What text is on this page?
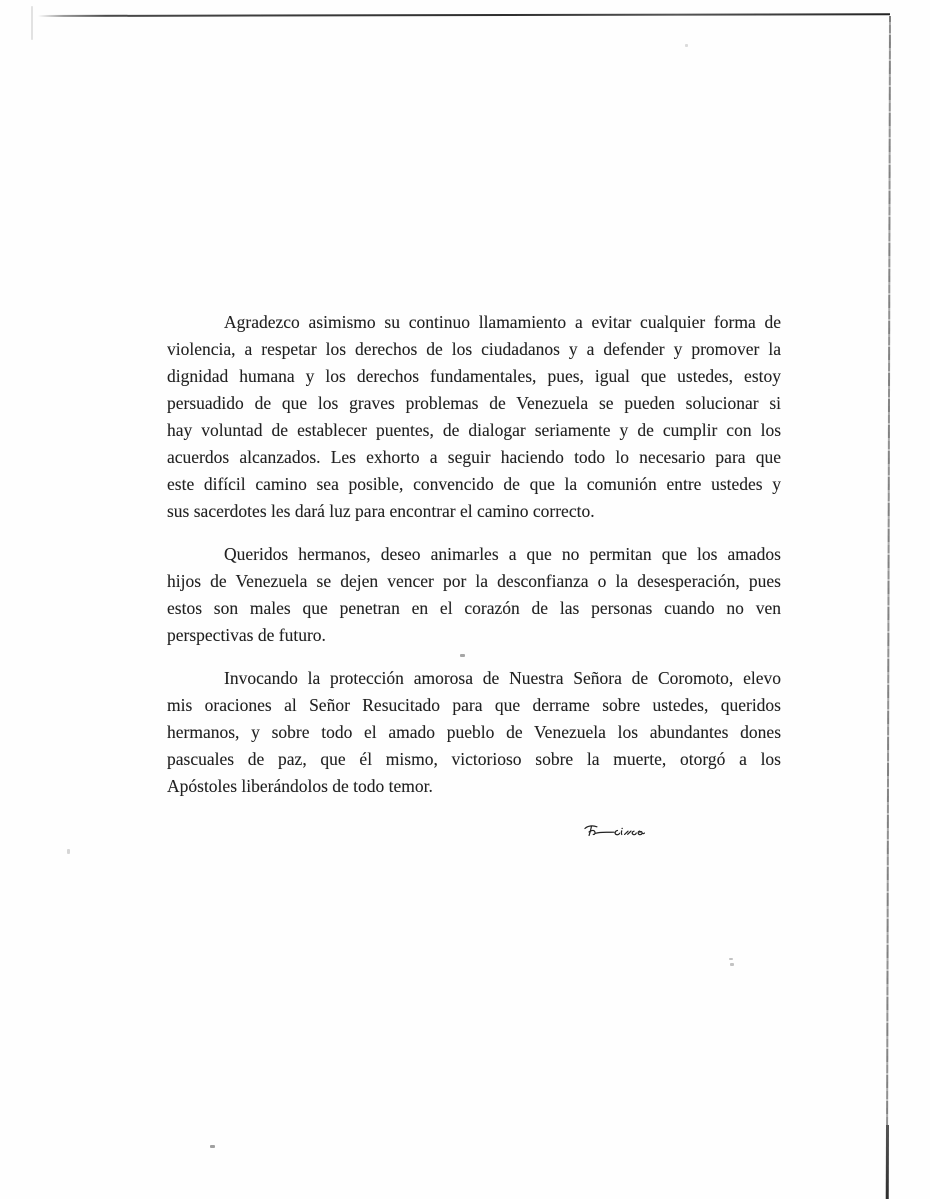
Agradezco asimismo su continuo llamamiento a evitar cualquier forma de
violencia, a respetar los derechos de los ciudadanos y a defender y promover la
dignidad humana y los derechos fundamentales, pues, igual que ustedes, estoy
persuadido de que los graves problemas de Venezuela se pueden solucionar si
hay voluntad de establecer puentes, de dialogar seriamente y de cumplir con los
acuerdos alcanzados. Les exhorto a seguir haciendo todo lo necesario para que
este difícil camino sea posible, convencido de que la comunión entre ustedes y
sus sacerdotes les dará luz para encontrar el camino correcto.
Queridos hermanos, deseo animarles a que no permitan que los amados
hijos de Venezuela se dejen vencer por la desconfianza o la desesperación, pues
estos son males que penetran en el corazón de las personas cuando no ven
perspectivas de futuro.
Invocando la protección amorosa de Nuestra Señora de Coromoto, elevo
mis oraciones al Señor Resucitado para que derrame sobre ustedes, queridos
hermanos, y sobre todo el amado pueblo de Venezuela los abundantes dones
pascuales de paz, que él mismo, victorioso sobre la muerte, otorgó a los
Apóstoles liberándolos de todo temor.
